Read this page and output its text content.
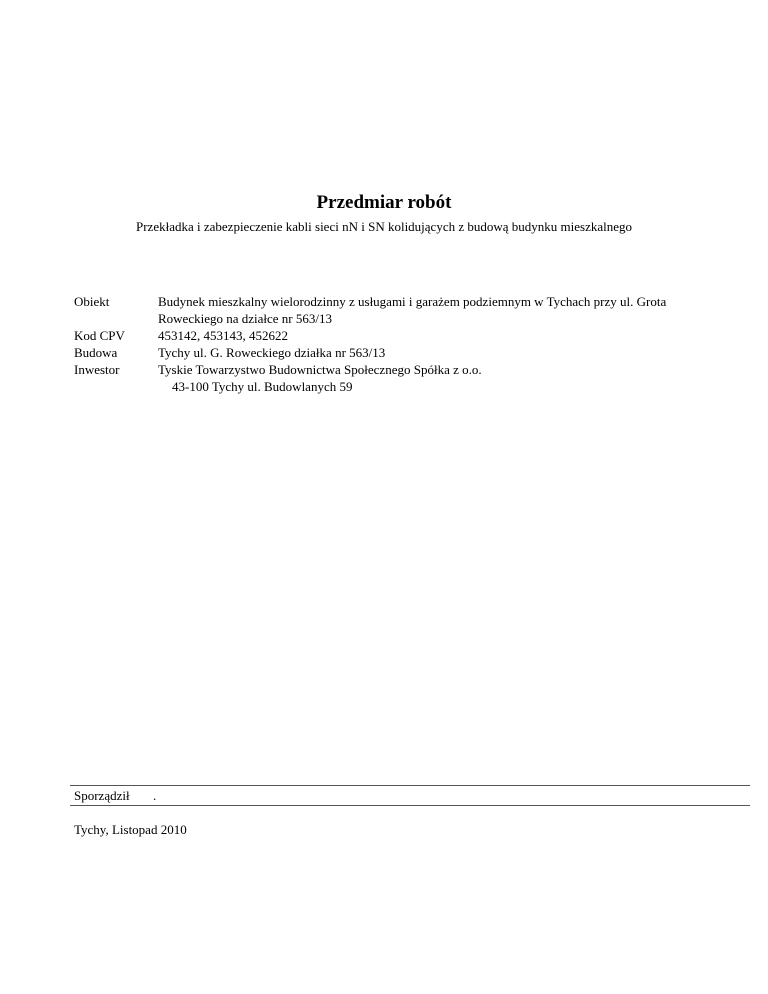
Przedmiar robót
Przekładka i zabezpieczenie kabli sieci nN i SN kolidujących z budową budynku mieszkalnego
Obiekt	Budynek mieszkalny wielorodzinny z usługami i garażem podziemnym w Tychach przy ul. Grota
Roweckiego na działce nr 563/13
Kod CPV	453142, 453143, 452622
Budowa	Tychy ul. G. Roweckiego działka nr 563/13
Inwestor	Tyskie Towarzystwo Budownictwa Społecznego Spółka z o.o.
43-100 Tychy ul. Budowlanych 59
Sporządził	.
Tychy, Listopad 2010
